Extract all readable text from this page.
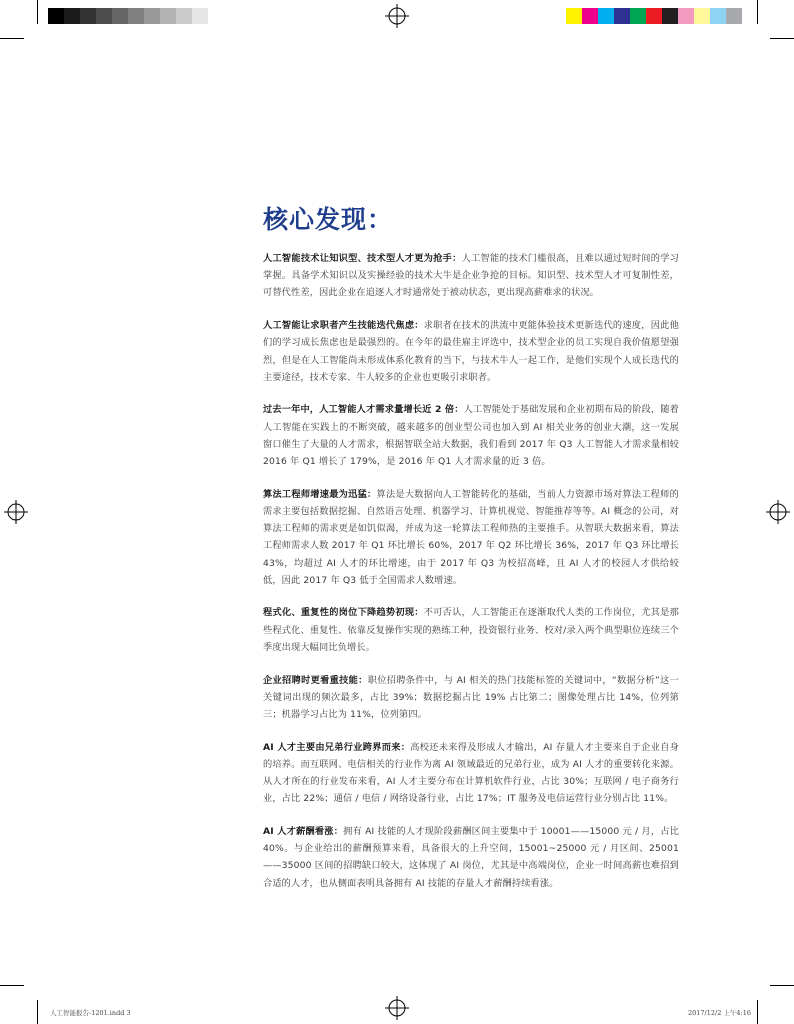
核心发现：

人工智能技术让知识型、技术型人才更为抢手：人工智能的技术门槛很高，且难以通过短时间的学习掌握。具备学术知识以及实操经验的技术大牛是企业争抢的目标。知识型、技术型人才可复制性差，可替代性差，因此企业在追逐人才时通常处于被动状态，更出现高薪难求的状况。

人工智能让求职者产生技能迭代焦虑：求职者在技术的洪流中更能体验技术更新迭代的速度，因此他们的学习成长焦虑也是最强烈的。在今年的最佳雇主评选中，技术型企业的员工实现自我价值愿望强烈，但是在人工智能尚未形成体系化教育的当下，与技术牛人一起工作，是他们实现个人成长迭代的主要途径，技术专家、牛人较多的企业也更吸引求职者。

过去一年中，人工智能人才需求量增长近 2 倍：人工智能处于基础发展和企业初期布局的阶段，随着人工智能在实践上的不断突破，越来越多的创业型公司也加入到 AI 相关业务的创业大潮，这一发展窗口催生了大量的人才需求，根据智联全站大数据，我们看到 2017 年 Q3 人工智能人才需求量相较 2016 年 Q1 增长了 179%，是 2016 年 Q1 人才需求量的近 3 倍。

算法工程师增速最为迅猛：算法是大数据向人工智能转化的基础，当前人力资源市场对算法工程师的需求主要包括数据挖掘、自然语言处理、机器学习、计算机视觉、智能推荐等等。AI 概念的公司，对算法工程师的需求更是如饥似渴，并成为这一轮算法工程师热的主要推手。从智联大数据来看，算法工程师需求人数 2017 年 Q1 环比增长 60%，2017 年 Q2 环比增长 36%，2017 年 Q3 环比增长 43%，均超过 AI 人才的环比增速，由于 2017 年 Q3 为校招高峰，且 AI 人才的校园人才供给较低，因此 2017 年 Q3 低于全国需求人数增速。

程式化、重复性的岗位下降趋势初现：不可否认，人工智能正在逐渐取代人类的工作岗位，尤其是那些程式化、重复性、依靠反复操作实现的熟练工种，投资银行业务、校对/录入两个典型职位连续三个季度出现大幅同比负增长。

企业招聘时更看重技能：职位招聘条件中，与 AI 相关的热门技能标签的关键词中，“数据分析”这一关键词出现的频次最多，占比 39%；数据挖掘占比 19% 占比第二；图像处理占比 14%，位列第三；机器学习占比为 11%，位列第四。

AI 人才主要由兄弟行业跨界而来：高校还未来得及形成人才输出，AI 存量人才主要来自于企业自身的培养。而互联网、电信相关的行业作为离 AI 领域最近的兄弟行业，成为 AI 人才的重要转化来源。从人才所在的行业发布来看，AI 人才主要分布在计算机软件行业，占比 30%；互联网 / 电子商务行业，占比 22%；通信 / 电信 / 网络设备行业，占比 17%；IT 服务及电信运营行业分别占比 11%。

AI 人才薪酬看涨：拥有 AI 技能的人才现阶段薪酬区间主要集中于 10001——15000 元 / 月，占比 40%。与企业给出的薪酬预算来看，具备很大的上升空间，15001~25000 元 / 月区间、25001——35000 区间的招聘缺口较大，这体现了 AI 岗位，尤其是中高端岗位，企业一时间高薪也难招到合适的人才，也从侧面表明具备拥有 AI 技能的存量人才薪酬持续看涨。

人工智能报告-1201.indd 3	2017/12/2 上午4:16
